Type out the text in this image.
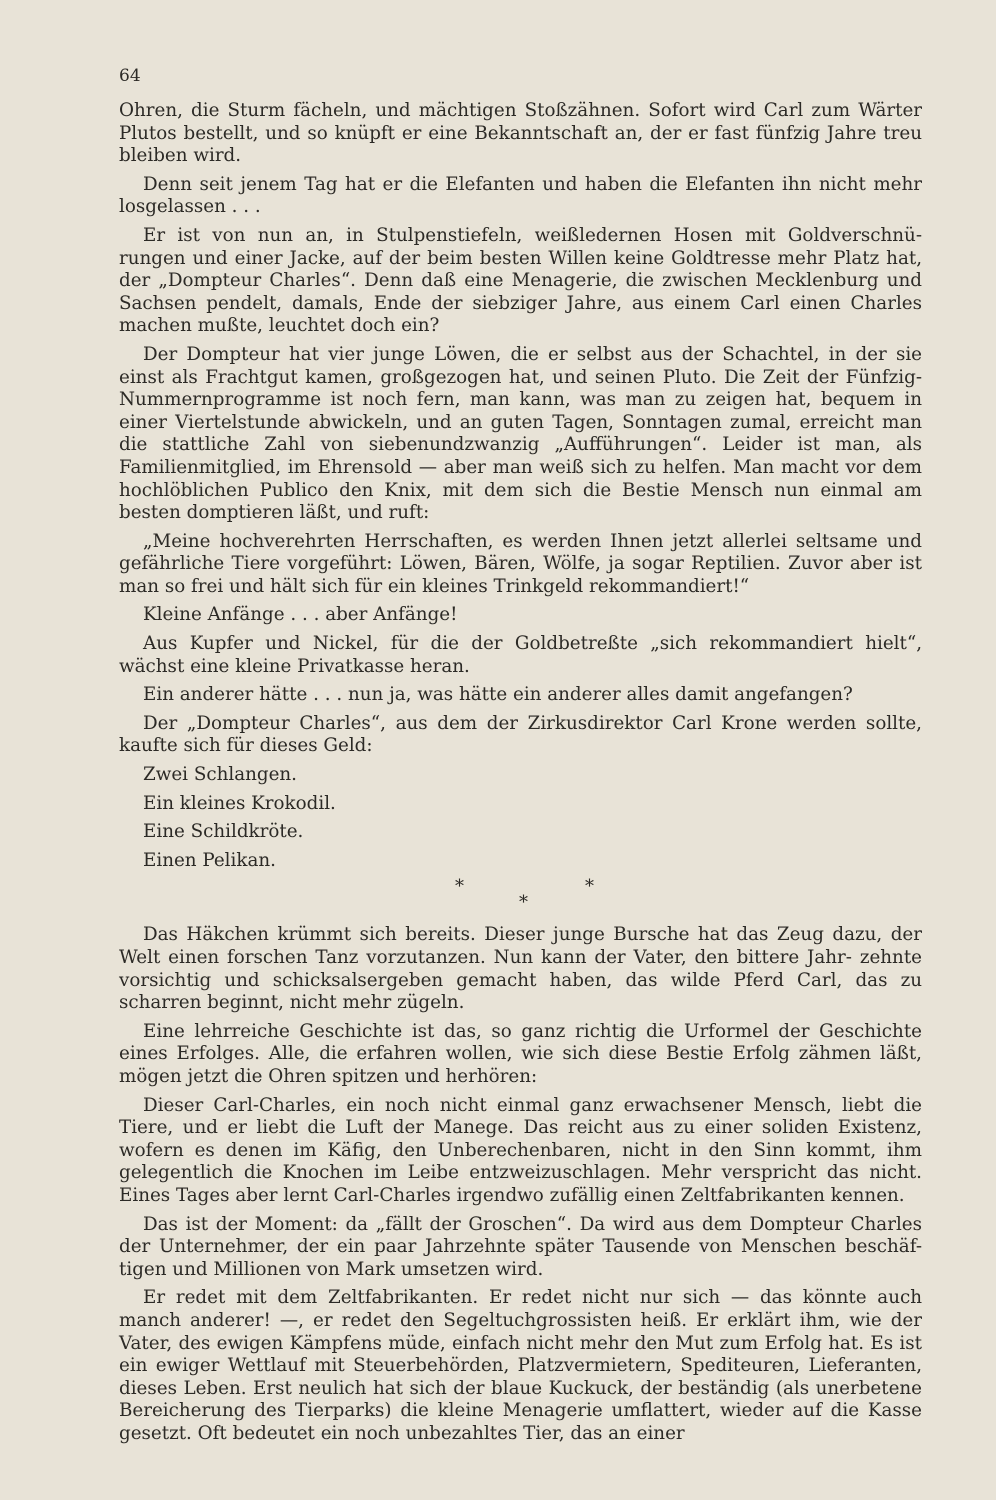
64

Ohren, die Sturm fächeln, und mächtigen Stoßzähnen. Sofort wird Carl zum Wärter Plutos bestellt, und so knüpft er eine Bekanntschaft an, der er fast fünfzig Jahre treu bleiben wird.

Denn seit jenem Tag hat er die Elefanten und haben die Elefanten ihn nicht mehr losgelassen . . .

Er ist von nun an, in Stulpenstiefeln, weißledernen Hosen mit Goldverschnü- rungen und einer Jacke, auf der beim besten Willen keine Goldtresse mehr Platz hat, der „Dompteur Charles“. Denn daß eine Menagerie, die zwischen Mecklenburg und Sachsen pendelt, damals, Ende der siebziger Jahre, aus einem Carl einen Charles machen mußte, leuchtet doch ein?

Der Dompteur hat vier junge Löwen, die er selbst aus der Schachtel, in der sie einst als Frachtgut kamen, großgezogen hat, und seinen Pluto. Die Zeit der Fünfzig- Nummernprogramme ist noch fern, man kann, was man zu zeigen hat, bequem in einer Viertelstunde abwickeln, und an guten Tagen, Sonntagen zumal, erreicht man die stattliche Zahl von siebenundzwanzig „Aufführungen“. Leider ist man, als Familienmitglied, im Ehrensold — aber man weiß sich zu helfen. Man macht vor dem hochlöblichen Publico den Knix, mit dem sich die Bestie Mensch nun einmal am besten domptieren läßt, und ruft:

„Meine hochverehrten Herrschaften, es werden Ihnen jetzt allerlei seltsame und gefährliche Tiere vorgeführt: Löwen, Bären, Wölfe, ja sogar Reptilien. Zuvor aber ist man so frei und hält sich für ein kleines Trinkgeld rekommandiert!“

Kleine Anfänge . . . aber Anfänge!

Aus Kupfer und Nickel, für die der Goldbetreßte „sich rekommandiert hielt“, wächst eine kleine Privatkasse heran.

Ein anderer hätte . . . nun ja, was hätte ein anderer alles damit angefangen?

Der „Dompteur Charles“, aus dem der Zirkusdirektor Carl Krone werden sollte, kaufte sich für dieses Geld:

Zwei Schlangen.
Ein kleines Krokodil.
Eine Schildkröte.
Einen Pelikan.
*
*
*

Das Häkchen krümmt sich bereits. Dieser junge Bursche hat das Zeug dazu, der Welt einen forschen Tanz vorzutanzen. Nun kann der Vater, den bittere Jahr- zehnte vorsichtig und schicksalsergeben gemacht haben, das wilde Pferd Carl, das zu scharren beginnt, nicht mehr zügeln.

Eine lehrreiche Geschichte ist das, so ganz richtig die Urformel der Geschichte eines Erfolges. Alle, die erfahren wollen, wie sich diese Bestie Erfolg zähmen läßt, mögen jetzt die Ohren spitzen und herhören:

Dieser Carl-Charles, ein noch nicht einmal ganz erwachsener Mensch, liebt die Tiere, und er liebt die Luft der Manege. Das reicht aus zu einer soliden Existenz, wofern es denen im Käfig, den Unberechenbaren, nicht in den Sinn kommt, ihm gelegentlich die Knochen im Leibe entzweizuschlagen. Mehr verspricht das nicht. Eines Tages aber lernt Carl-Charles irgendwo zufällig einen Zeltfabrikanten kennen.

Das ist der Moment: da „fällt der Groschen“. Da wird aus dem Dompteur Charles der Unternehmer, der ein paar Jahrzehnte später Tausende von Menschen beschäf- tigen und Millionen von Mark umsetzen wird.

Er redet mit dem Zeltfabrikanten. Er redet nicht nur sich — das könnte auch manch anderer! —, er redet den Segeltuchgrossisten heiß. Er erklärt ihm, wie der Vater, des ewigen Kämpfens müde, einfach nicht mehr den Mut zum Erfolg hat. Es ist ein ewiger Wettlauf mit Steuerbehörden, Platzvermietern, Spediteuren, Lieferanten, dieses Leben. Erst neulich hat sich der blaue Kuckuck, der beständig (als unerbetene Bereicherung des Tierparks) die kleine Menagerie umflattert, wieder auf die Kasse gesetzt. Oft bedeutet ein noch unbezahltes Tier, das an einer
